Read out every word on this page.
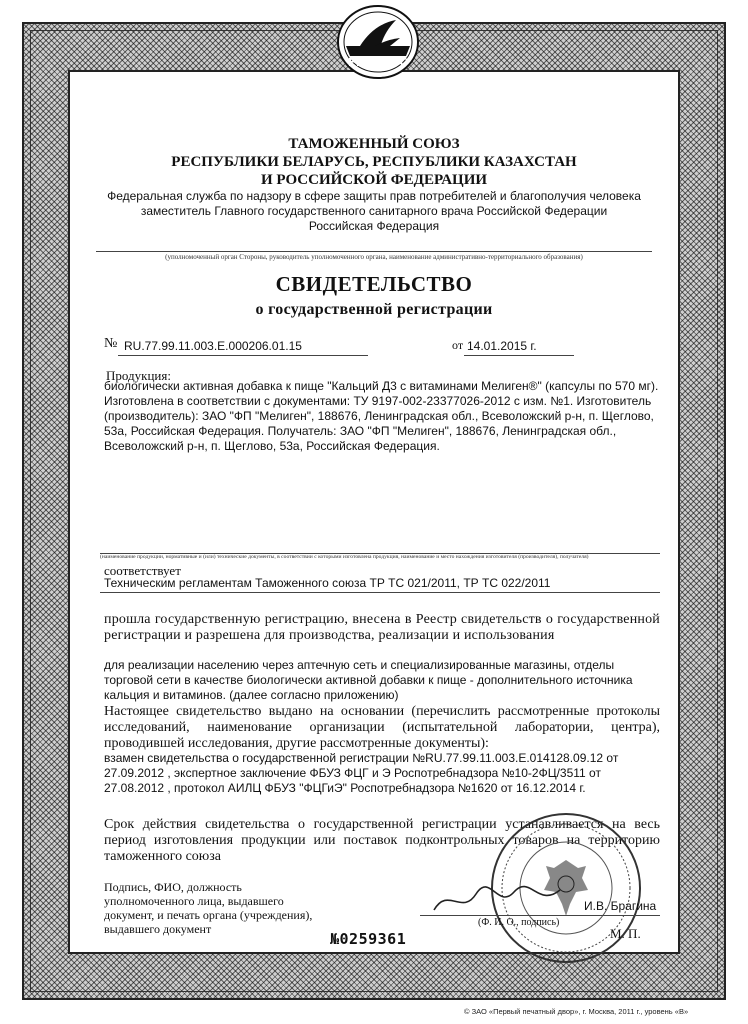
ЕВРАЗЭС
ТАМОЖЕННЫЙ СОЮЗ
РЕСПУБЛИКИ БЕЛАРУСЬ, РЕСПУБЛИКИ КАЗАХСТАН
И РОССИЙСКОЙ ФЕДЕРАЦИИ
Федеральная служба по надзору в сфере защиты прав потребителей и благополучия человека
заместитель Главного государственного санитарного врача Российской Федерации
Российская Федерация
(уполномоченный орган Стороны, руководитель уполномоченного органа, наименование административно-территориального образования)
СВИДЕТЕЛЬСТВО
о государственной регистрации
№ RU.77.99.11.003.Е.000206.01.15	от 14.01.2015 г.
Продукция:
биологически активная добавка к пище "Кальций Д3 с витаминами Мелиген®" (капсулы по 570 мг).
Изготовлена в соответствии с документами: ТУ 9197-002-23377026-2012 с изм. №1. Изготовитель
(производитель): ЗАО "ФП "Мелиген", 188676, Ленинградская обл., Всеволожский р-н, п. Щеглово,
53а, Российская Федерация. Получатель: ЗАО "ФП "Мелиген", 188676, Ленинградская обл.,
Всеволожский р-н, п. Щеглово, 53а, Российская Федерация.
(наименование продукции, нормативные и (или) технические документы, в соответствии с которыми изготовлена продукция, наименование и место нахождения изготовителя (производителя), получателя)
соответствует
Техническим регламентам Таможенного союза ТР ТС 021/2011, ТР ТС 022/2011
прошла государственную регистрацию, внесена в Реестр свидетельств о государственной регистрации и разрешена для производства, реализации и использования
для реализации населению через аптечную сеть и специализированные магазины, отделы торговой сети в качестве биологически активной добавки к пище - дополнительного источника кальция и витаминов. (далее согласно приложению)
Настоящее свидетельство выдано на основании (перечислить рассмотренные протоколы исследований, наименование организации (испытательной лаборатории, центра), проводившей исследования, другие рассмотренные документы):
взамен свидетельства о государственной регистрации №RU.77.99.11.003.Е.014128.09.12 от 27.09.2012 , экспертное заключение ФБУЗ ФЦГ и Э Роспотребнадзора №10-2ФЦ/3511 от 27.08.2012 , протокол АИЛЦ ФБУЗ "ФЦГиЭ" Роспотребнадзора №1620 от 16.12.2014 г.
Срок действия свидетельства о государственной регистрации устанавливается на весь период изготовления продукции или поставок подконтрольных товаров на территорию таможенного союза
Подпись, ФИО, должность уполномоченного лица, выдавшего документ, и печать органа (учреждения), выдавшего документ
И.В. Брагина
(Ф. И. О., подпись)
М. П.
№0259361
© ЗАО «Первый печатный двор», г. Москва, 2011 г., уровень «В»
